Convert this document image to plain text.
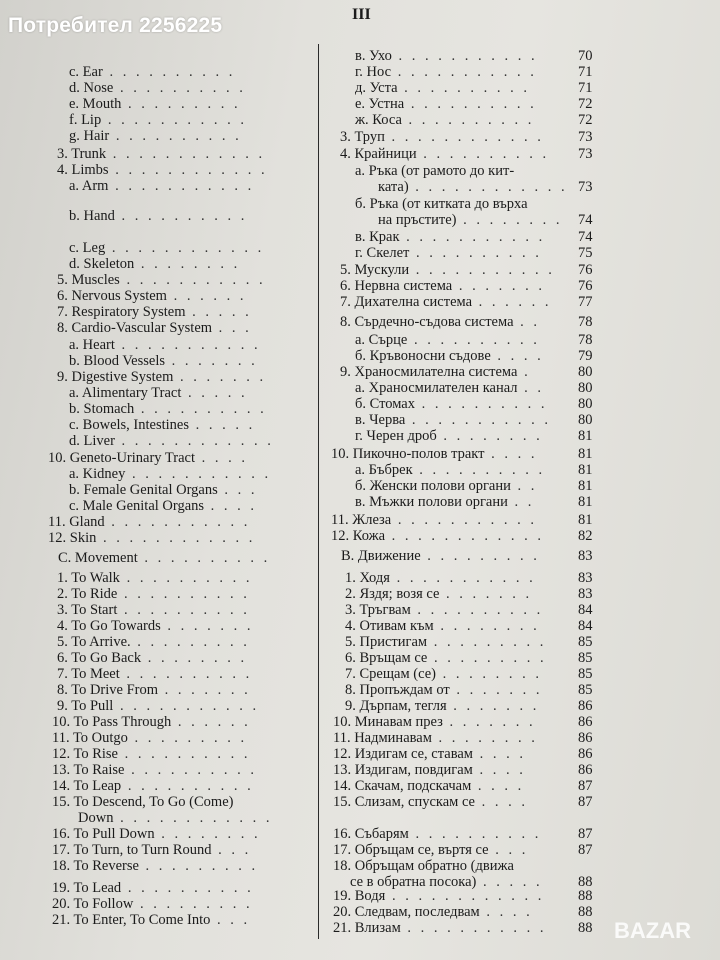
Потребител 2256225	III
c. Ear . . . . . . . . . .
d. Nose . . . . . . . . . .
e. Mouth . . . . . . . . .
f. Lip . . . . . . . . . . .
g. Hair . . . . . . . . . .
3. Trunk . . . . . . . . . . . .
4. Limbs . . . . . . . . . . . .
a. Arm . . . . . . . . . . .
b. Hand . . . . . . . . . .
c. Leg . . . . . . . . . . . .
d. Skeleton . . . . . . . .
5. Muscles . . . . . . . . . . .
6. Nervous System . . . . . .
7. Respiratory System . . . . .
8. Cardio-Vascular System . . .
a. Heart . . . . . . . . . . .
b. Blood Vessels . . . . . . .
9. Digestive System . . . . . . .
a. Alimentary Tract . . . . .
b. Stomach . . . . . . . . . .
c. Bowels, Intestines . . . . .
d. Liver . . . . . . . . . . . .
10. Geneto-Urinary Tract . . . .
a. Kidney . . . . . . . . . . .
b. Female Genital Organs . . .
c. Male Genital Organs . . . .
11. Gland . . . . . . . . . . .
12. Skin . . . . . . . . . . . .
C. Movement . . . . . . . . . .
1. To Walk . . . . . . . . . .
2. To Ride . . . . . . . . . .
3. To Start . . . . . . . . . .
4. To Go Towards . . . . . . .
5. To Arrive. . . . . . . . . .
6. To Go Back . . . . . . . .
7. To Meet . . . . . . . . . .
8. To Drive From . . . . . . .
9. To Pull . . . . . . . . . . .
10. To Pass Through . . . . . .
11. To Outgo . . . . . . . . .
12. To Rise . . . . . . . . . .
13. To Raise . . . . . . . . . .
14. To Leap . . . . . . . . . .
15. To Descend, To Go (Come)
Down . . . . . . . . . . . .
16. To Pull Down . . . . . . . .
17. To Turn, to Turn Round . . .
18. To Reverse . . . . . . . . .
19. To Lead . . . . . . . . . .
20. To Follow . . . . . . . . .
21. To Enter, To Come Into . . .
в. Ухо . . . . . . . . . . .	70
г. Нос . . . . . . . . . . .	71
д. Уста . . . . . . . . . .	71
е. Устна . . . . . . . . . .	72
ж. Коса . . . . . . . . . .	72
3. Труп . . . . . . . . . . . . 73
4. Крайници . . . . . . . . . . 73
а. Ръка (от рамото до кит-
ката) . . . . . . . . . . . . 73
б. Ръка (от китката до върха
на пръстите) . . . . . . . . 74
в. Крак . . . . . . . . . . . 74
г. Скелет . . . . . . . . . . 75
5. Мускули . . . . . . . . . . . 76
6. Нервна система . . . . . . . 76
7. Дихателна система . . . . . . 77
8. Сърдечно-съдова система . .	78
а. Сърце . . . . . . . . . .	78
б. Кръвоносни съдове . . . . 79
9. Храносмилателна система .	80
а. Храносмилателен канал . . 80
б. Стомах . . . . . . . . . . 80
в. Черва . . . . . . . . . . . 80
г. Черен дроб . . . . . . . . 81
10. Пикочно-полов тракт . . . .	81
а. Бъбрек . . . . . . . . . . 81
б. Женски полови органи . .	81
в. Мъжки полови органи . .	81
11. Жлеза . . . . . . . . . . .	81
12. Кожа . . . . . . . . . . . . 82
В. Движение . . . . . . . . .	83
1. Ходя . . . . . . . . . . .	83
2. Яздя; возя се . . . . . . .	83
3. Тръгвам . . . . . . . . . . 84
4. Отивам към . . . . . . . .	84
5. Пристигам . . . . . . . . . 85
6. Връщам се . . . . . . . . . 85
7. Срещам (се) . . . . . . . . 85
8. Пропъждам от . . . . . . . 85
9. Дърпам, тегля . . . . . . .	86
10. Минавам през . . . . . . .	86
11. Надминавам . . . . . . . .	86
12. Издигам се, ставам . . . .	86
13. Издигам, повдигам . . . .	86
14. Скачам, подскачам . . . .	87
15. Слизам, спускам се . . . .	87
16. Събарям . . . . . . . . . .	87
17. Обръщам се, въртя се . . .	87
18. Обръщам обратно (движа
се в обратна посока) . . . . . 88
19. Водя . . . . . . . . . . . . 88
20. Следвам, последвам . . . .	88
21. Влизам . . . . . . . . . . . 88 BAZAR
